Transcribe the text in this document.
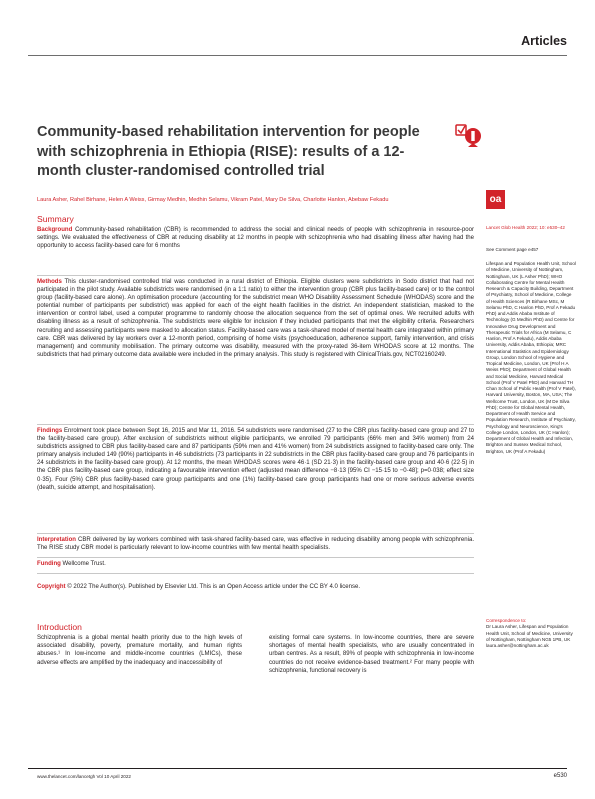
Articles
Community-based rehabilitation intervention for people with schizophrenia in Ethiopia (RISE): results of a 12-month cluster-randomised controlled trial
oa
Laura Asher, Rahel Birhane, Helen A Weiss, Girmay Medhin, Medhin Selamu, Vikram Patel, Mary De Silva, Charlotte Hanlon, Abebaw Fekadu
Summary
Background Community-based rehabilitation (CBR) is recommended to address the social and clinical needs of people with schizophrenia in resource-poor settings. We evaluated the effectiveness of CBR at reducing disability at 12 months in people with schizophrenia who had disabling illness after having had the opportunity to access facility-based care for 6 months
Methods This cluster-randomised controlled trial was conducted in a rural district of Ethiopia. Eligible clusters were subdistricts in Sodo district that had not participated in the pilot study. Available subdistricts were randomised (in a 1:1 ratio) to either the intervention group (CBR plus facility-based care) or to the control group (facility-based care alone). An optimisation procedure (accounting for the subdistrict mean WHO Disability Assessment Schedule (WHODAS) score and the potential number of participants per subdistrict) was applied for each of the eight health facilities in the district. An independent statistician, masked to the intervention or control label, used a computer programme to randomly choose the allocation sequence from the set of optimal ones. We recruited adults with disabling illness as a result of schizophrenia. The subdistricts were eligible for inclusion if they included participants that met the eligibility criteria. Researchers recruiting and assessing participants were masked to allocation status. Facility-based care was a task-shared model of mental health care integrated within primary care. CBR was delivered by lay workers over a 12-month period, comprising of home visits (psychoeducation, adherence support, family intervention, and crisis management) and community mobilisation. The primary outcome was disability, measured with the proxy-rated 36-item WHODAS score at 12 months. The subdistricts that had primary outcome data available were included in the primary analysis. This study is registered with ClinicalTrials.gov, NCT02160249.
Findings Enrolment took place between Sept 16, 2015 and Mar 11, 2016. 54 subdistricts were randomised (27 to the CBR plus facility-based care group and 27 to the facility-based care group). After exclusion of subdistricts without eligible participants, we enrolled 79 participants (66% men and 34% women) from 24 subdistricts assigned to CBR plus facility-based care and 87 participants (59% men and 41% women) from 24 subdistricts assigned to facility-based care only. The primary analysis included 149 (90%) participants in 46 subdistricts (73 participants in 22 subdistricts in the CBR plus facility-based care group and 76 participants in 24 subdistricts in the facility-based care group). At 12 months, the mean WHODAS scores were 46·1 (SD 21·3) in the facility-based care group and 40·6 (22·5) in the CBR plus facility-based care group, indicating a favourable intervention effect (adjusted mean difference −8·13 [95% CI −15·15 to −0·48]; p=0·038; effect size 0·35). Four (5%) CBR plus facility-based care group participants and one (1%) facility-based care group participants had one or more serious adverse events (death, suicide attempt, and hospitalisation).
Interpretation CBR delivered by lay workers combined with task-shared facility-based care, was effective in reducing disability among people with schizophrenia. The RISE study CBR model is particularly relevant to low-income countries with few mental health specialists.
Funding Wellcome Trust.
Copyright © 2022 The Author(s). Published by Elsevier Ltd. This is an Open Access article under the CC BY 4.0 license.
Lancet Glob Health 2022; 10: e530–42
See Comment page e457
Lifespan and Population Health Unit, School of Medicine, University of Nottingham, Nottingham, UK (L Asher PhD); WHO Collaborating Centre for Mental Health Research & Capacity Building, Department of Psychiatry, School of Medicine, College of Health Sciences (R Birhane MSc, M Selamu PhD, C Hanlon PhD, Prof A Fekadu PhD) and Addis Ababa Institute of Technology (G Medhin PhD) and Centre for Innovative Drug Development and Therapeutic Trials for Africa (M Selamu, C Hanlon, Prof A Fekadu), Addis Ababa University, Addis Ababa, Ethiopia; MRC International Statistics and Epidemiology Group, London School of Hygiene and Tropical Medicine, London, UK (Prof H A Weiss PhD); Department of Global Health and Social Medicine, Harvard Medical School (Prof V Patel PhD) and Harvard TH Chan School of Public Health (Prof V Patel), Harvard University, Boston, MA, USA; The Wellcome Trust, London, UK (M De Silva PhD); Centre for Global Mental Health, Department of Health Service and Population Research, Institute of Psychiatry, Psychology and Neuroscience, King's College London, London, UK (C Hanlon); Department of Global Health and Infection, Brighton and Sussex Medical School, Brighton, UK (Prof A Fekadu)
Correspondence to:
Dr Laura Asher, Lifespan and Population Health Unit, School of Medicine, University of Nottingham, Nottingham NG5 1PB, UK
laura.asher@nottingham.ac.uk
Introduction
Schizophrenia is a global mental health priority due to the high levels of associated disability, poverty, premature mortality, and human rights abuses.¹ In low-income and middle-income countries (LMICs), these adverse effects are amplified by the inadequacy and inaccessibility of
existing formal care systems. In low-income countries, there are severe shortages of mental health specialists, who are usually concentrated in urban centres. As a result, 89% of people with schizophrenia in low-income countries do not receive evidence-based treatment.² For many people with schizophrenia, functional recovery is
www.thelancet.com/lancetgh Vol 10 April 2022	e530
